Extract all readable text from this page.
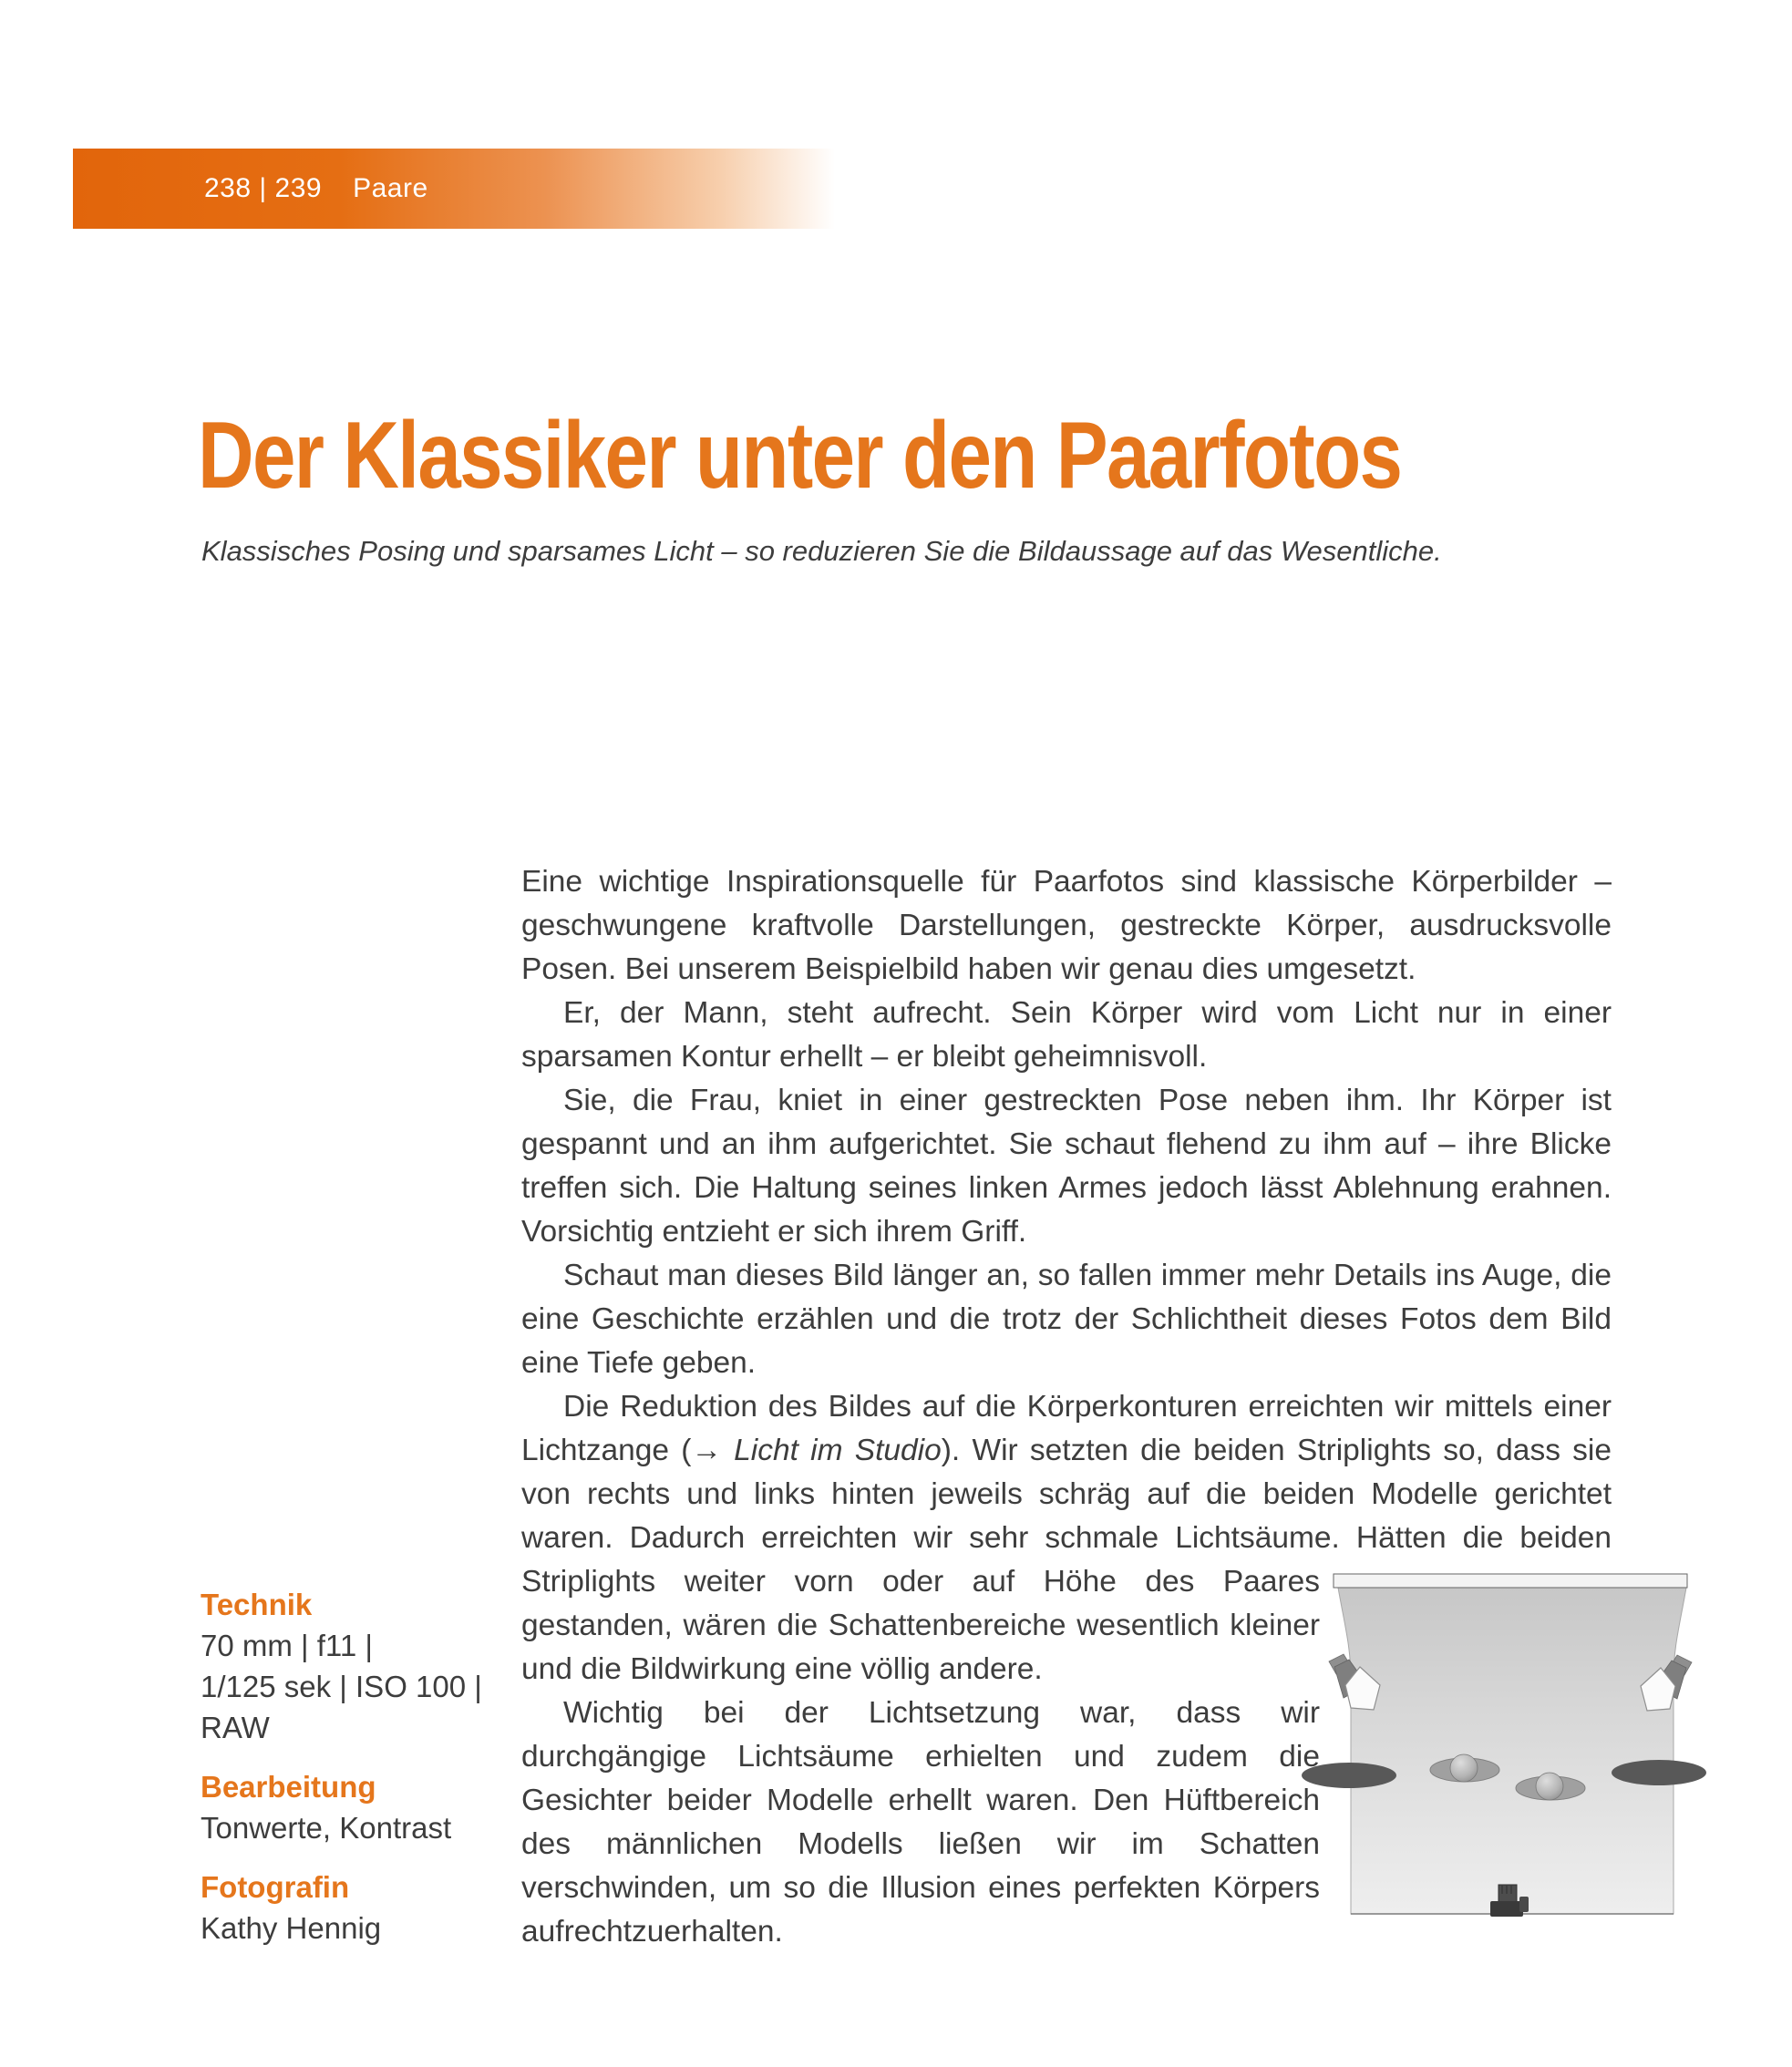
238 | 239 Paare
Der Klassiker unter den Paarfotos
Klassisches Posing und sparsames Licht – so reduzieren Sie die Bildaussage auf das Wesentliche.
Technik
70 mm | f11 |
1/125 sek | ISO 100 |
RAW
Bearbeitung
Tonwerte, Kontrast
Fotografin
Kathy Hennig

Eine wichtige Inspirationsquelle für Paarfotos sind klassische Körperbilder – geschwungene kraftvolle Darstellungen, gestreckte Körper, ausdrucksvolle Posen. Bei unserem Beispielbild haben wir genau dies umgesetzt.

Er, der Mann, steht aufrecht. Sein Körper wird vom Licht nur in einer sparsamen Kontur erhellt – er bleibt geheimnisvoll.

Sie, die Frau, kniet in einer gestreckten Pose neben ihm. Ihr Körper ist gespannt und an ihm aufgerichtet. Sie schaut flehend zu ihm auf – ihre Blicke treffen sich. Die Haltung seines linken Armes jedoch lässt Ablehnung erahnen. Vorsichtig entzieht er sich ihrem Griff.

Schaut man dieses Bild länger an, so fallen immer mehr Details ins Auge, die eine Geschichte erzählen und die trotz der Schlichtheit dieses Fotos dem Bild eine Tiefe geben.

Die Reduktion des Bildes auf die Körperkonturen erreichten wir mittels einer Lichtzange (→ Licht im Studio). Wir setzten die beiden Striplights so, dass sie von rechts und links hinten jeweils schräg auf die beiden Modelle gerichtet waren. Dadurch erreichten wir sehr schmale Lichtsäume. Hätten die beiden Striplights weiter vorn oder auf Höhe des Paares gestanden, wären die Schattenbereiche wesentlich kleiner und die Bildwirkung eine völlig andere.

Wichtig bei der Lichtsetzung war, dass wir durchgängige Lichtsäume erhielten und zudem die Gesichter beider Modelle erhellt waren. Den Hüftbereich des männlichen Modells ließen wir im Schatten verschwinden, um so die Illusion eines perfekten Körpers aufrechtzuerhalten.
